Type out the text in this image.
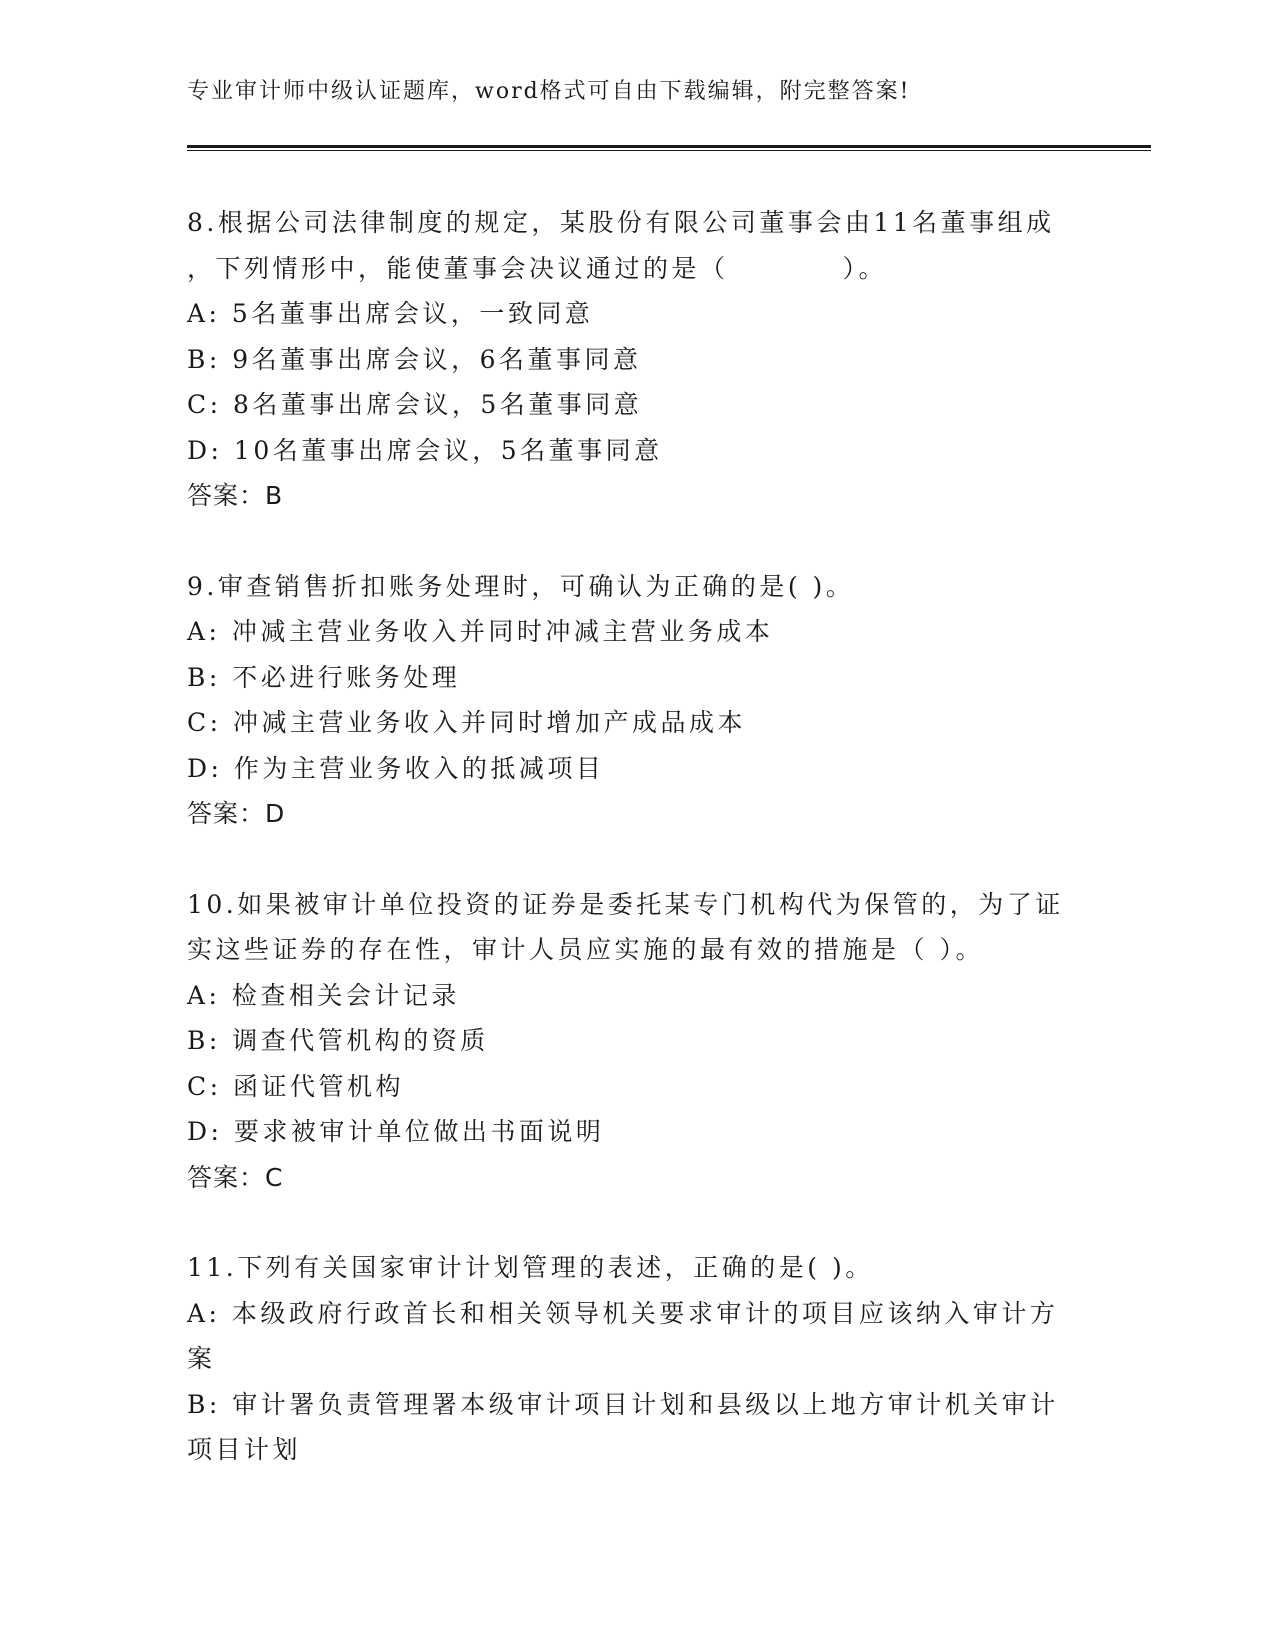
专业审计师中级认证题库，word格式可自由下载编辑，附完整答案!
8.根据公司法律制度的规定，某股份有限公司董事会由11名董事组成
，下列情形中，能使董事会决议通过的是（　　　　）。
A: 5名董事出席会议，一致同意
B: 9名董事出席会议，6名董事同意
C: 8名董事出席会议，5名董事同意
D: 10名董事出席会议，5名董事同意
答案：B
9.审查销售折扣账务处理时，可确认为正确的是( )。
A: 冲减主营业务收入并同时冲减主营业务成本
B: 不必进行账务处理
C: 冲减主营业务收入并同时增加产成品成本
D: 作为主营业务收入的抵减项目
答案：D
10.如果被审计单位投资的证券是委托某专门机构代为保管的，为了证
实这些证券的存在性，审计人员应实施的最有效的措施是（ ）。
A: 检查相关会计记录
B: 调查代管机构的资质
C: 函证代管机构
D: 要求被审计单位做出书面说明
答案：C
11.下列有关国家审计计划管理的表述，正确的是( )。
A: 本级政府行政首长和相关领导机关要求审计的项目应该纳入审计方
案
B: 审计署负责管理署本级审计项目计划和县级以上地方审计机关审计
项目计划
